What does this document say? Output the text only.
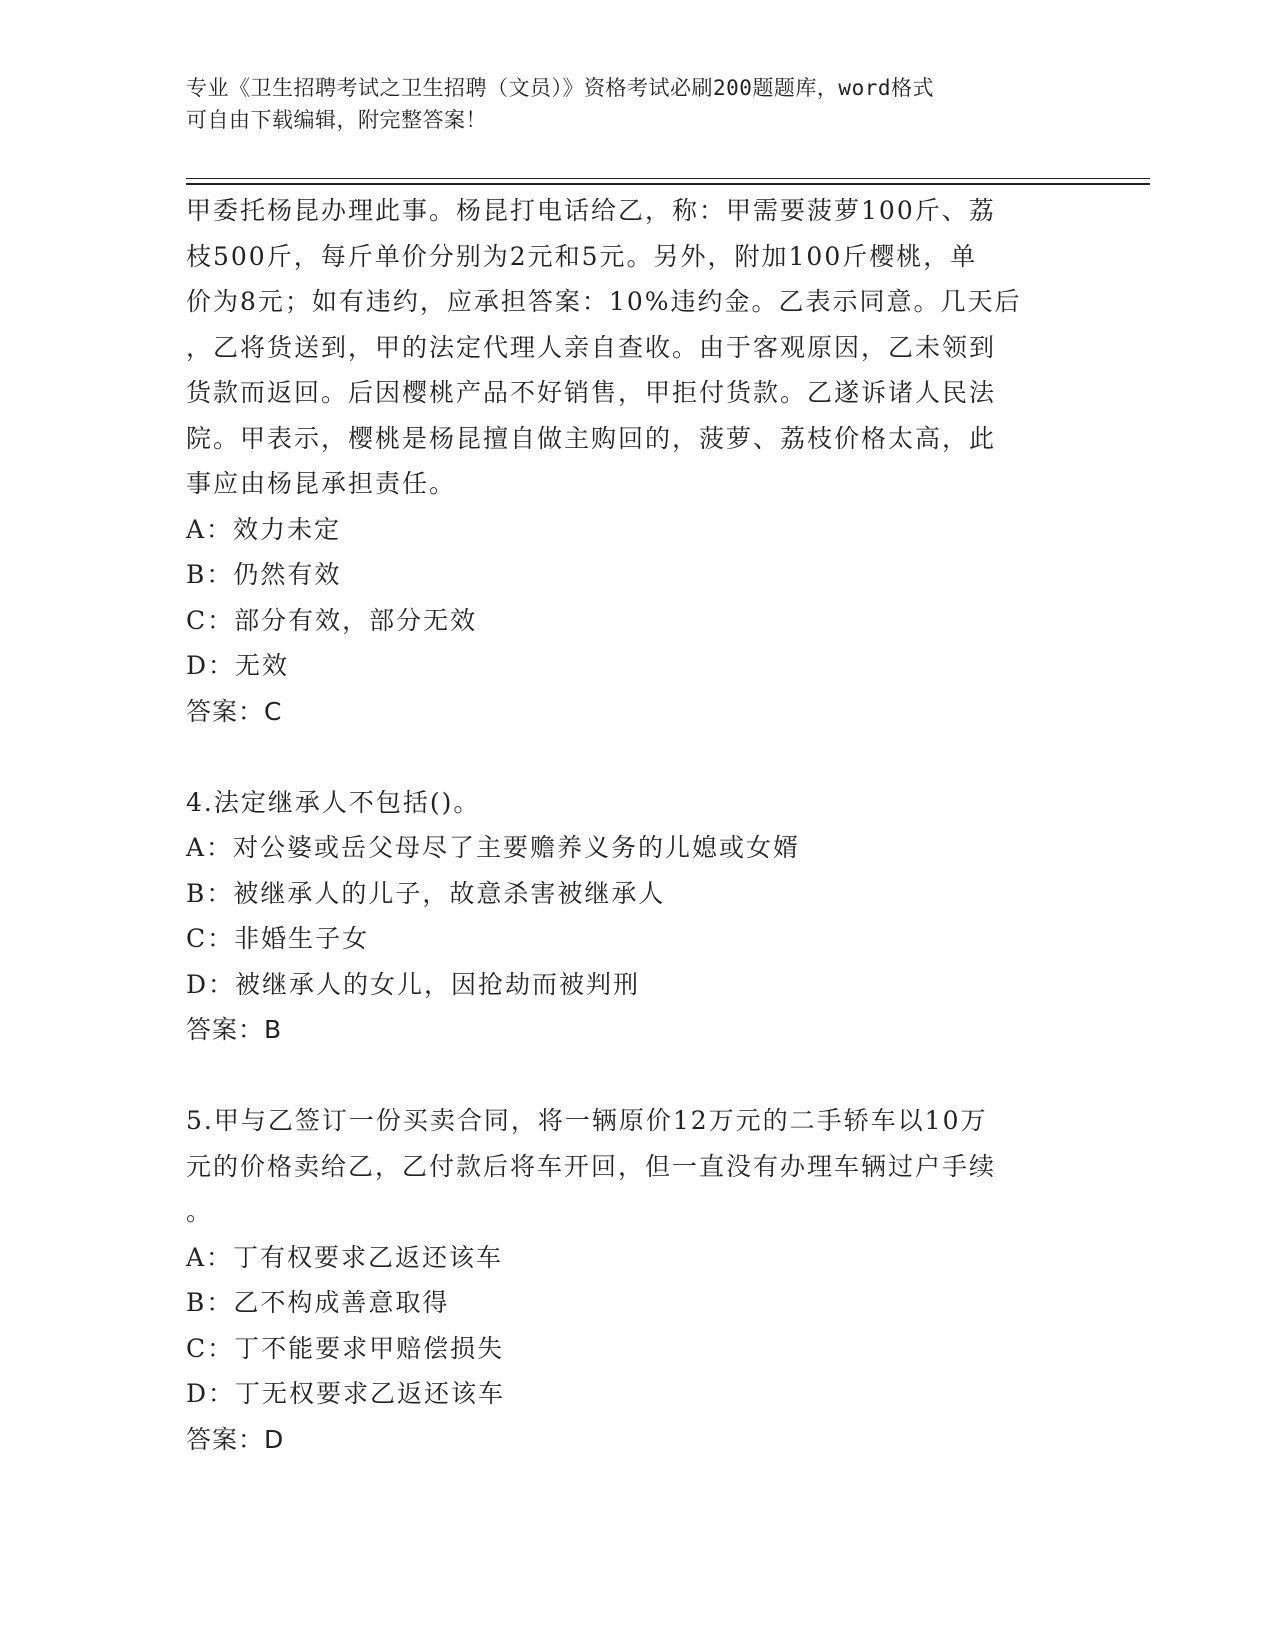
专业《卫生招聘考试之卫生招聘（文员）》资格考试必刷200题题库，word格式
可自由下载编辑，附完整答案！
甲委托杨昆办理此事。杨昆打电话给乙，称：甲需要菠萝100斤、荔
枝500斤，每斤单价分别为2元和5元。另外，附加100斤樱桃，单
价为8元；如有违约，应承担答案：10%违约金。乙表示同意。几天后
，乙将货送到，甲的法定代理人亲自查收。由于客观原因，乙未领到
货款而返回。后因樱桃产品不好销售，甲拒付货款。乙遂诉诸人民法
院。甲表示，樱桃是杨昆擅自做主购回的，菠萝、荔枝价格太高，此
事应由杨昆承担责任。
A：效力未定
B：仍然有效
C：部分有效，部分无效
D：无效
答案：C
4.法定继承人不包括()。
A：对公婆或岳父母尽了主要赡养义务的儿媳或女婿
B：被继承人的儿子，故意杀害被继承人
C：非婚生子女
D：被继承人的女儿，因抢劫而被判刑
答案：B
5.甲与乙签订一份买卖合同，将一辆原价12万元的二手轿车以10万
元的价格卖给乙，乙付款后将车开回，但一直没有办理车辆过户手续
。
A：丁有权要求乙返还该车
B：乙不构成善意取得
C：丁不能要求甲赔偿损失
D：丁无权要求乙返还该车
答案：D
